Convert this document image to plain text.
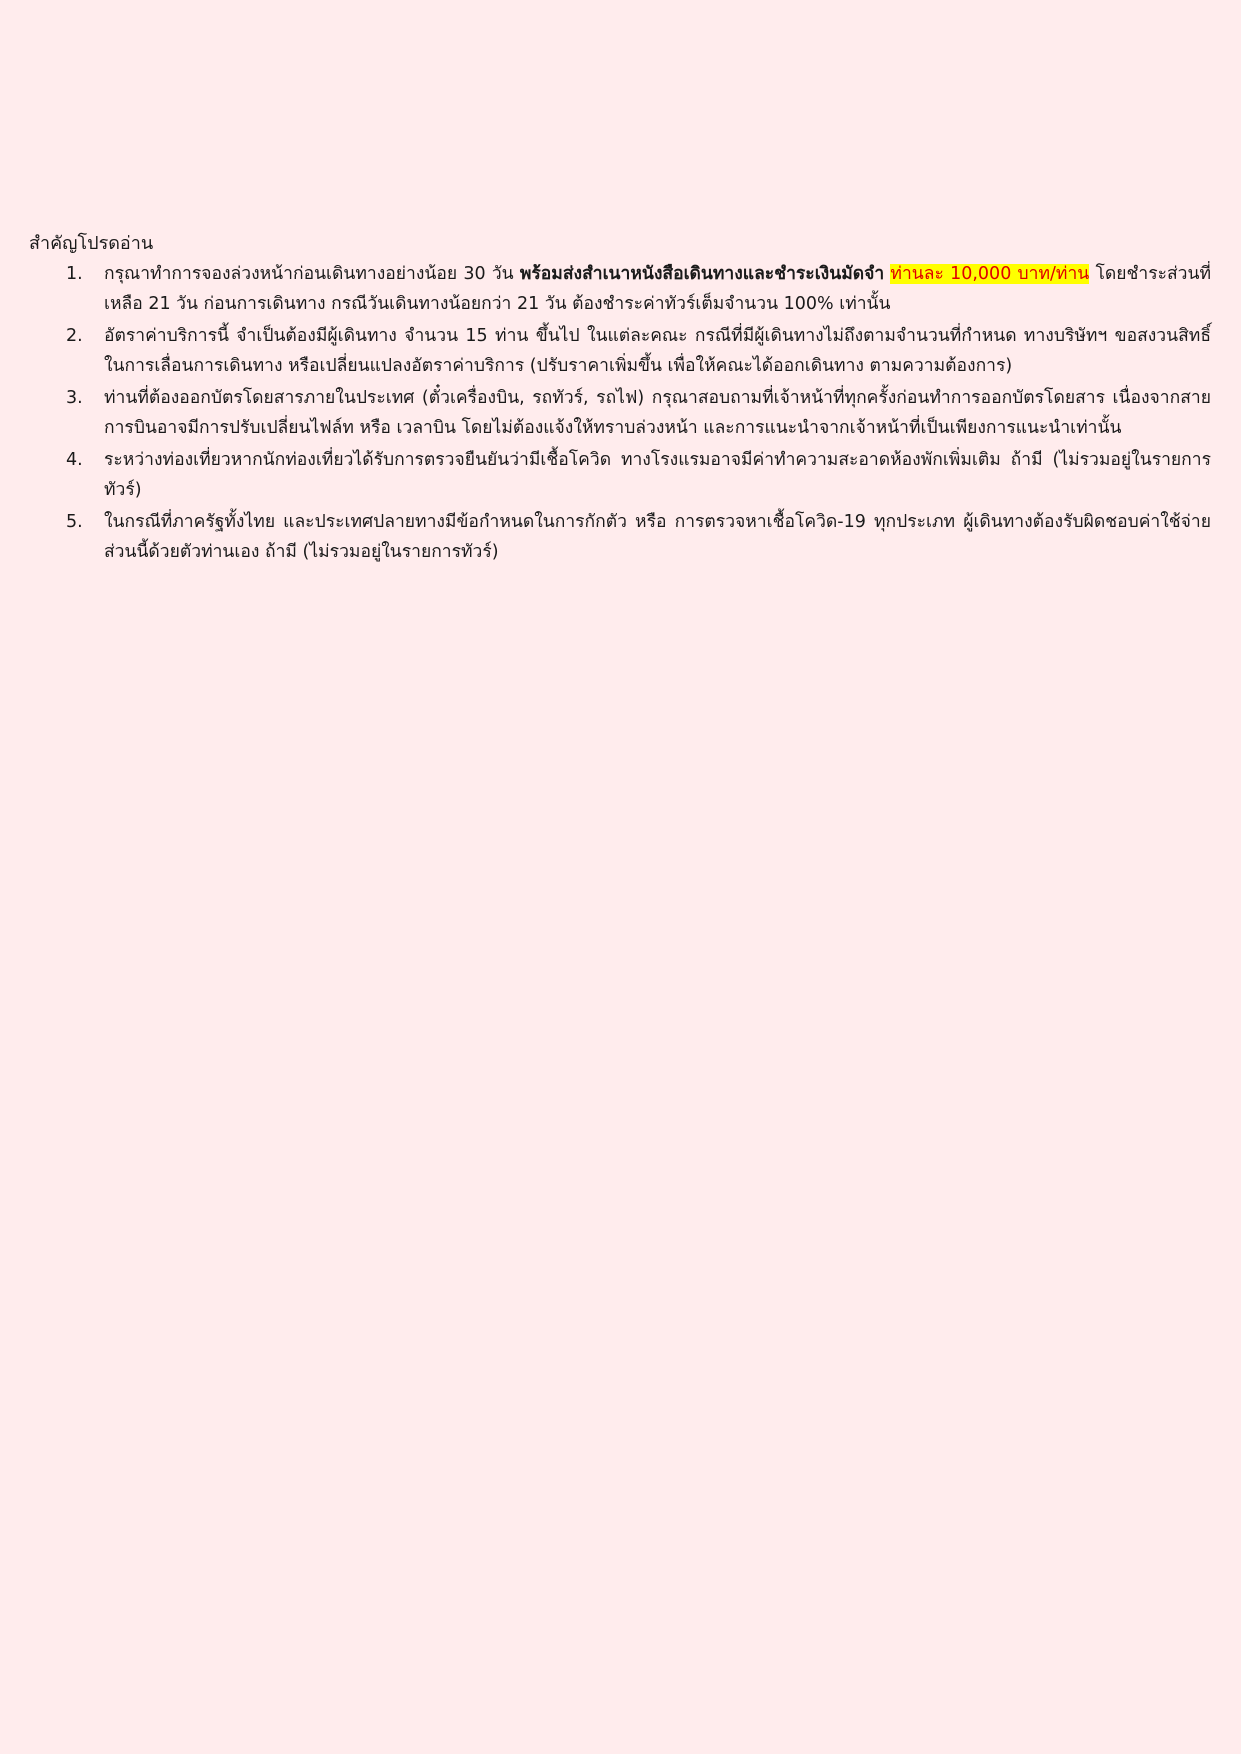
สำคัญโปรดอ่าน
1. กรุณาทำการจองล่วงหน้าก่อนเดินทางอย่างน้อย 30 วัน พร้อมส่งสำเนาหนังสือเดินทางและชำระเงินมัดจำ ท่านละ 10,000 บาท/ท่าน โดยชำระส่วนที่เหลือ 21 วัน ก่อนการเดินทาง กรณีวันเดินทางน้อยกว่า 21 วัน ต้องชำระค่าทัวร์เต็มจำนวน 100% เท่านั้น
2. อัตราค่าบริการนี้ จำเป็นต้องมีผู้เดินทาง จำนวน 15 ท่าน ขึ้นไป ในแต่ละคณะ กรณีที่มีผู้เดินทางไม่ถึงตามจำนวนที่กำหนด ทางบริษัทฯ ขอสงวนสิทธิ์ในการเลื่อนการเดินทาง หรือเปลี่ยนแปลงอัตราค่าบริการ (ปรับราคาเพิ่มขึ้น เพื่อให้คณะได้ออกเดินทาง ตามความต้องการ)
3. ท่านที่ต้องออกบัตรโดยสารภายในประเทศ (ตั๋วเครื่องบิน, รถทัวร์, รถไฟ) กรุณาสอบถามที่เจ้าหน้าที่ทุกครั้งก่อนทำการออกบัตรโดยสาร เนื่องจากสายการบินอาจมีการปรับเปลี่ยนไฟล์ท หรือ เวลาบิน โดยไม่ต้องแจ้งให้ทราบล่วงหน้า และการแนะนำจากเจ้าหน้าที่เป็นเพียงการแนะนำเท่านั้น
4. ระหว่างท่องเที่ยวหากนักท่องเที่ยวได้รับการตรวจยืนยันว่ามีเชื้อโควิด ทางโรงแรมอาจมีค่าทำความสะอาดห้องพักเพิ่มเติม ถ้ามี (ไม่รวมอยู่ในรายการทัวร์)
5. ในกรณีที่ภาครัฐทั้งไทย และประเทศปลายทางมีข้อกำหนดในการกักตัว หรือ การตรวจหาเชื้อโควิด-19 ทุกประเภท ผู้เดินทางต้องรับผิดชอบค่าใช้จ่ายส่วนนี้ด้วยตัวท่านเอง ถ้ามี (ไม่รวมอยู่ในรายการทัวร์)
